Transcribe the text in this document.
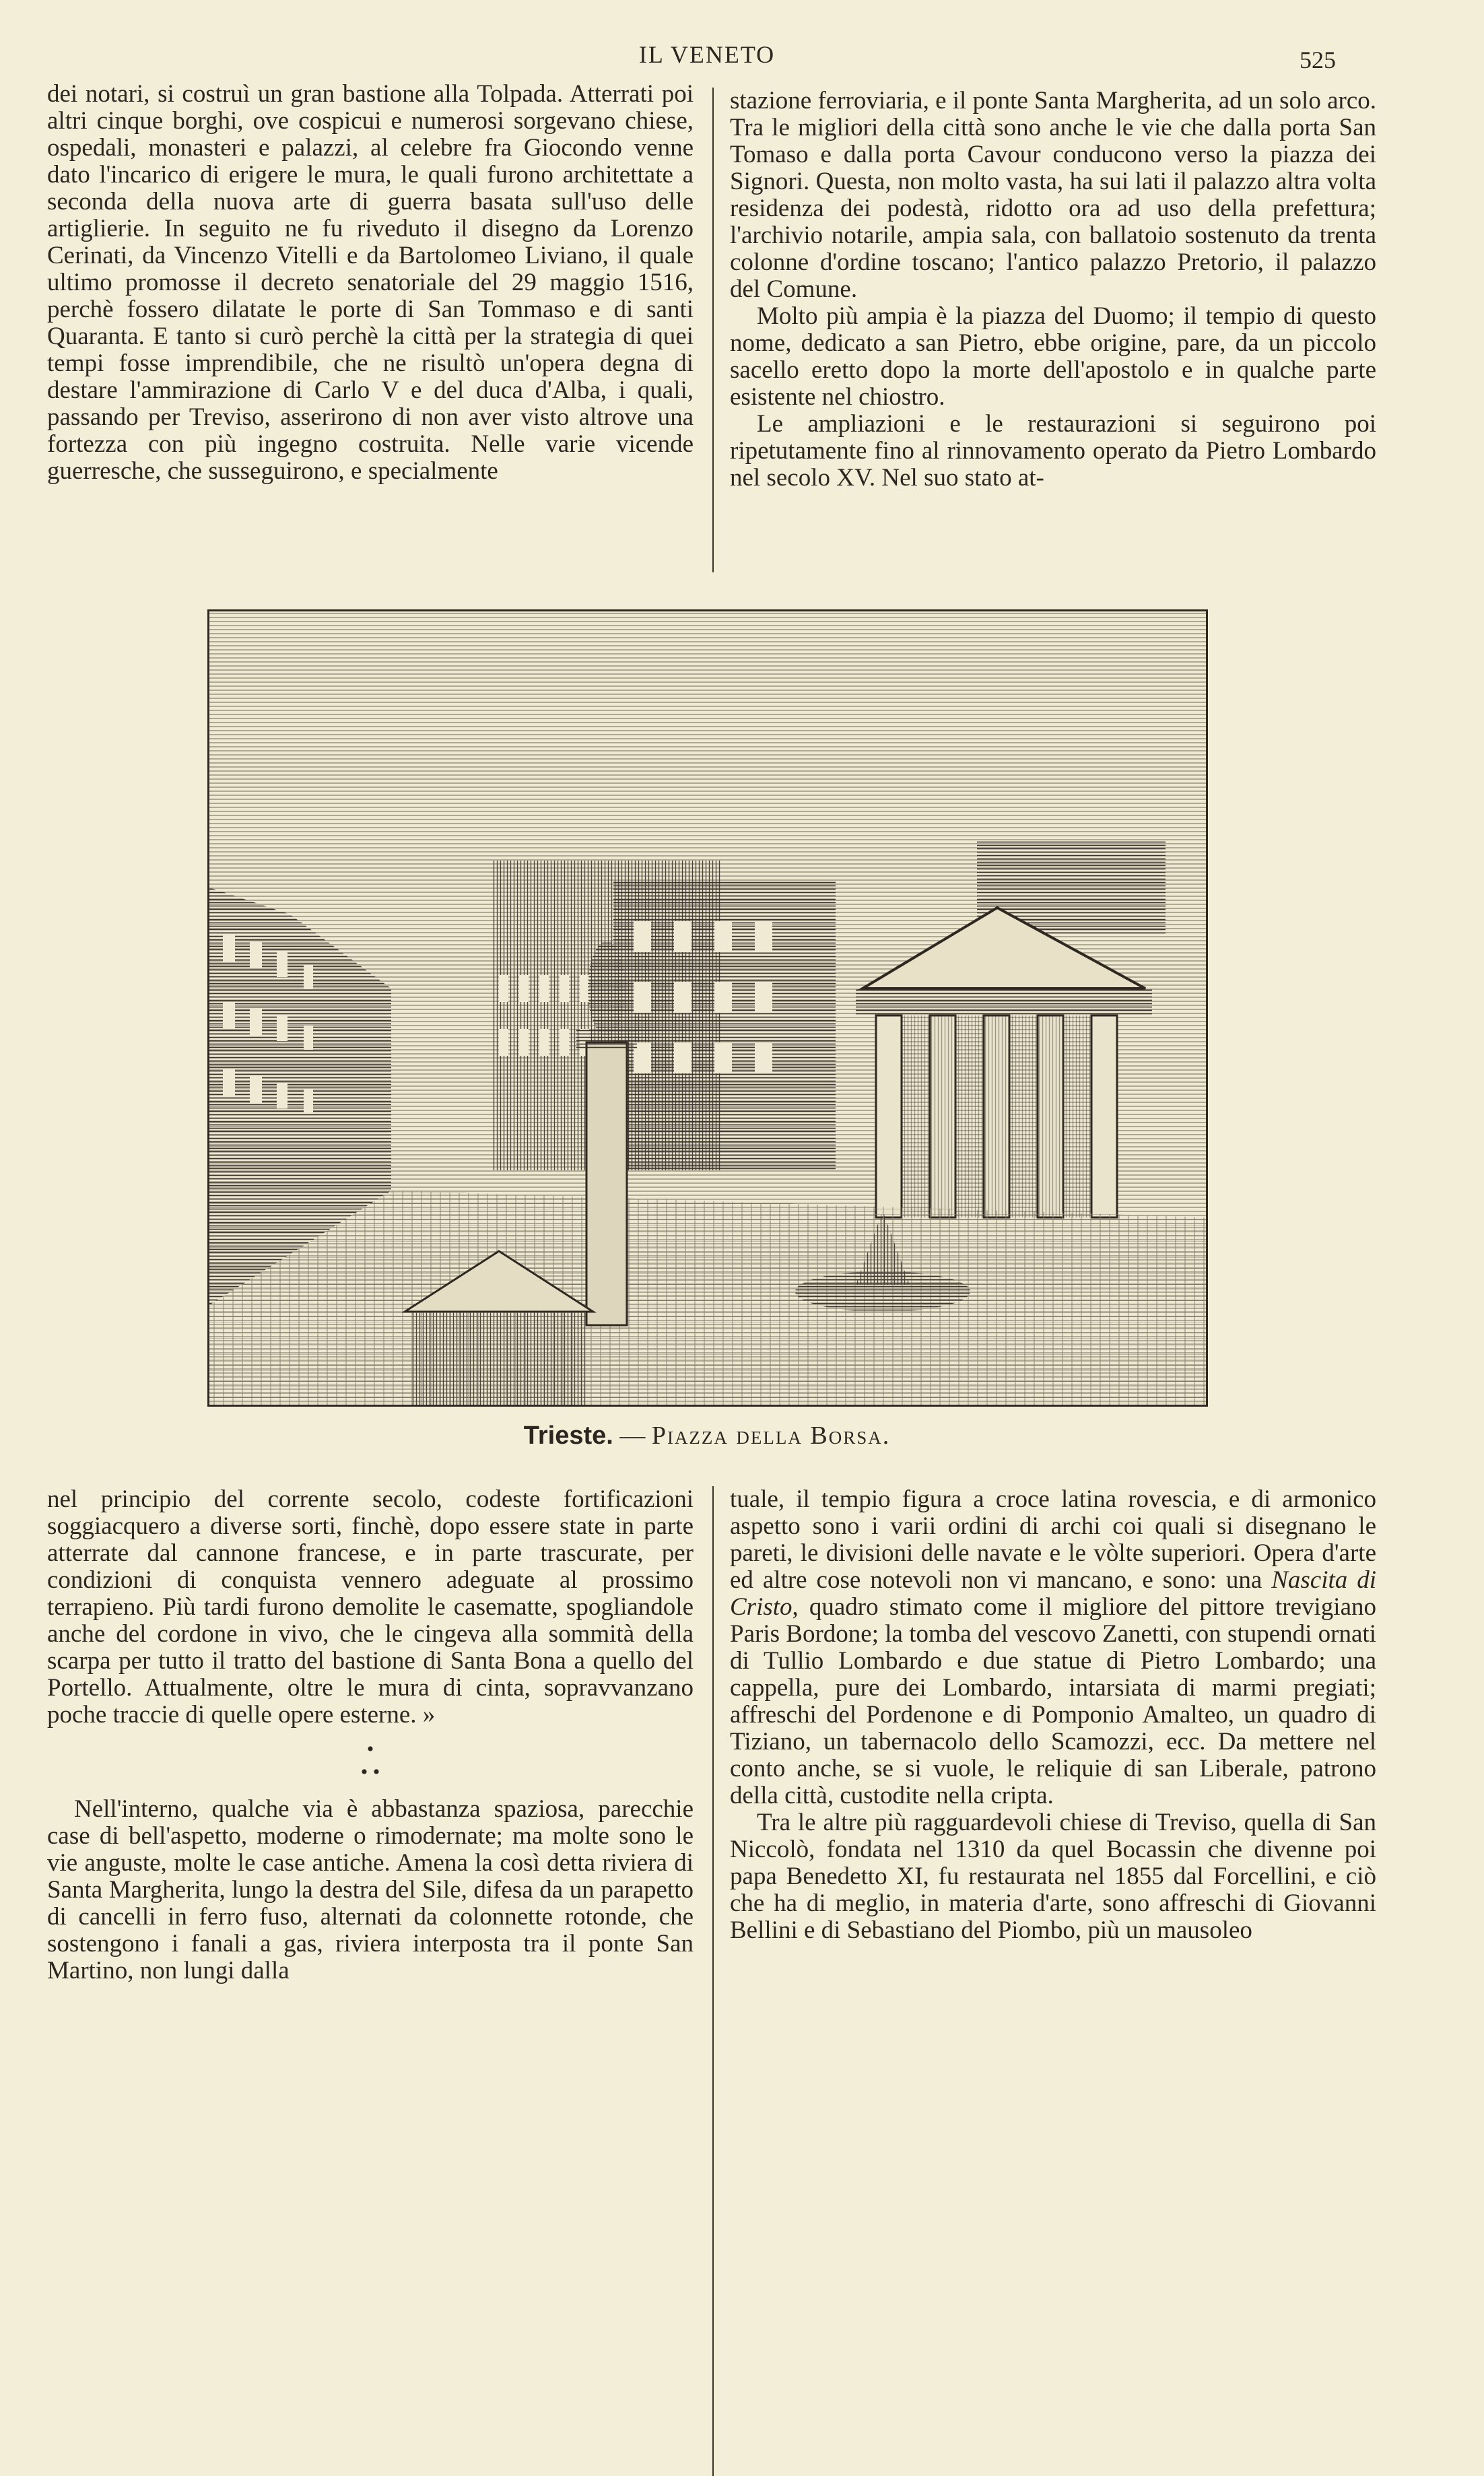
IL VENETO	525

dei notari, si costruì un gran bastione alla Tolpada. Atterrati poi altri cinque borghi, ove cospicui e numerosi sorgevano chiese, ospedali, monasteri e palazzi, al celebre fra Giocondo venne dato l'incarico di erigere le mura, le quali furono architettate a seconda della nuova arte di guerra basata sull'uso delle artiglierie. In seguito ne fu riveduto il disegno da Lorenzo Cerinati, da Vincenzo Vitelli e da Bartolomeo Liviano, il quale ultimo promosse il decreto senatoriale del 29 maggio 1516, perchè fossero dilatate le porte di San Tommaso e di santi Quaranta. E tanto si curò perchè la città per la strategia di quei tempi fosse imprendibile, che ne risultò un'opera degna di destare l'ammirazione di Carlo V e del duca d'Alba, i quali, passando per Treviso, asserirono di non aver visto altrove una fortezza con più ingegno costruita. Nelle varie vicende guerresche, che susseguirono, e specialmente

stazione ferroviaria, e il ponte Santa Margherita, ad un solo arco. Tra le migliori della città sono anche le vie che dalla porta San Tomaso e dalla porta Cavour conducono verso la piazza dei Signori. Questa, non molto vasta, ha sui lati il palazzo altra volta residenza dei podestà, ridotto ora ad uso della prefettura; l'archivio notarile, ampia sala, con ballatoio sostenuto da trenta colonne d'ordine toscano; l'antico palazzo Pretorio, il palazzo del Comune.

Molto più ampia è la piazza del Duomo; il tempio di questo nome, dedicato a san Pietro, ebbe origine, pare, da un piccolo sacello eretto dopo la morte dell'apostolo e in qualche parte esistente nel chiostro.

Le ampliazioni e le restaurazioni si seguirono poi ripetutamente fino al rinnovamento operato da Pietro Lombardo nel secolo XV. Nel suo stato at-

Trieste. — Piazza della Borsa.

nel principio del corrente secolo, codeste fortificazioni soggiacquero a diverse sorti, finchè, dopo essere state in parte atterrate dal cannone francese, e in parte trascurate, per condizioni di conquista vennero adeguate al prossimo terrapieno. Più tardi furono demolite le casematte, spogliandole anche del cordone in vivo, che le cingeva alla sommità della scarpa per tutto il tratto del bastione di Santa Bona a quello del Portello. Attualmente, oltre le mura di cinta, sopravvanzano poche traccie di quelle opere esterne. »

•
• •

Nell'interno, qualche via è abbastanza spaziosa, parecchie case di bell'aspetto, moderne o rimodernate; ma molte sono le vie anguste, molte le case antiche. Amena la così detta riviera di Santa Margherita, lungo la destra del Sile, difesa da un parapetto di cancelli in ferro fuso, alternati da colonnette rotonde, che sostengono i fanali a gas, riviera interposta tra il ponte San Martino, non lungi dalla

tuale, il tempio figura a croce latina rovescia, e di armonico aspetto sono i varii ordini di archi coi quali si disegnano le pareti, le divisioni delle navate e le vòlte superiori. Opera d'arte ed altre cose notevoli non vi mancano, e sono: una Nascita di Cristo, quadro stimato come il migliore del pittore trevigiano Paris Bordone; la tomba del vescovo Zanetti, con stupendi ornati di Tullio Lombardo e due statue di Pietro Lombardo; una cappella, pure dei Lombardo, intarsiata di marmi pregiati; affreschi del Pordenone e di Pomponio Amalteo, un quadro di Tiziano, un tabernacolo dello Scamozzi, ecc. Da mettere nel conto anche, se si vuole, le reliquie di san Liberale, patrono della città, custodite nella cripta.

Tra le altre più ragguardevoli chiese di Treviso, quella di San Niccolò, fondata nel 1310 da quel Bocassin che divenne poi papa Benedetto XI, fu restaurata nel 1855 dal Forcellini, e ciò che ha di meglio, in materia d'arte, sono affreschi di Giovanni Bellini e di Sebastiano del Piombo, più un mausoleo
